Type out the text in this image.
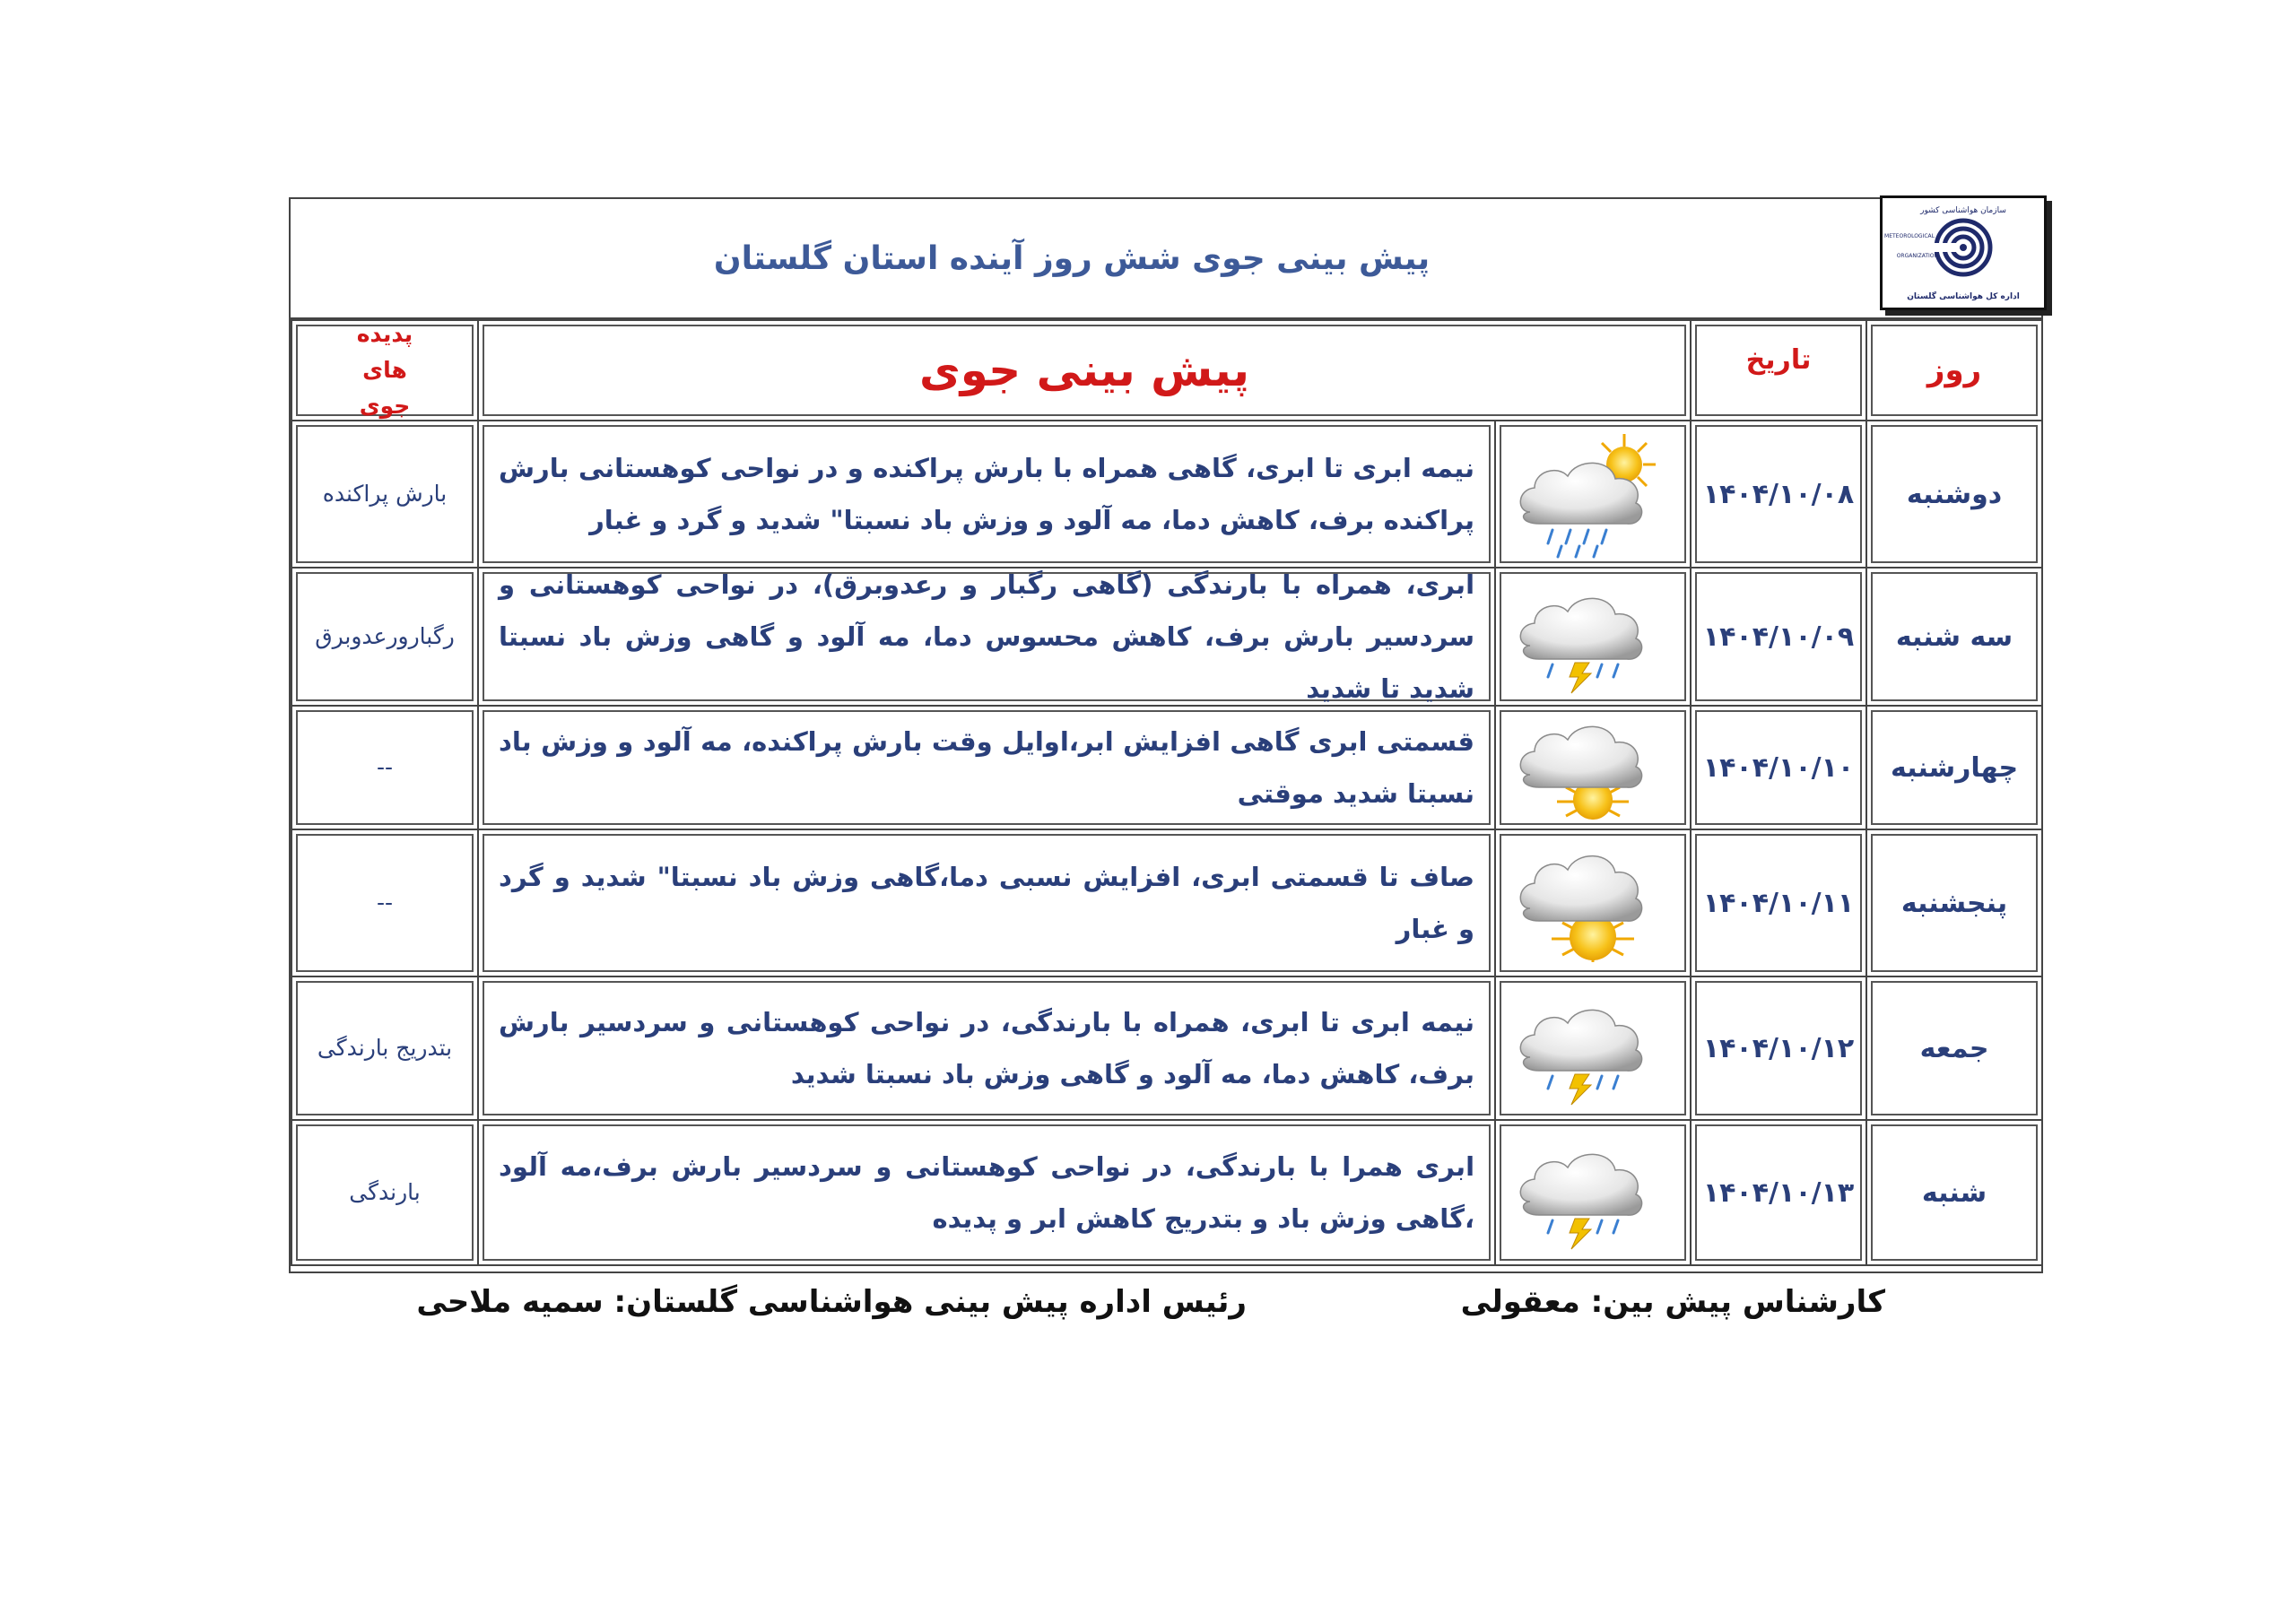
پیش بینی جوی شش روز آینده استان گلستان
سازمان هواشناسی کشور
METEOROLOGICAL
ORGANIZATION
اداره کل هواشناسی گلستان
روز	تاریخ	پیش بینی جوی		پدیده های جوی

دوشنبه	۱۴۰۴/۱۰/۰۸		نیمه ابری تا ابری، گاهی همراه با بارش پراکنده و در نواحی کوهستانی بارش پراکنده برف، کاهش دما، مه آلود و وزش باد نسبتا" شدید و گرد و غبار	بارش پراکنده

سه شنبه	۱۴۰۴/۱۰/۰۹		ابری، همراه با بارندگی (گاهی رگبار و رعدوبرق)، در نواحی کوهستانی و سردسیر بارش برف، کاهش محسوس دما، مه آلود و گاهی وزش باد نسبتا شدید تا شدید	رگبارورعدوبرق

چهارشنبه	۱۴۰۴/۱۰/۱۰		قسمتی ابری گاهی افزایش ابر،اوایل وقت بارش پراکنده، مه آلود و وزش باد نسبتا شدید موقتی	--

پنجشنبه	۱۴۰۴/۱۰/۱۱		صاف تا قسمتی ابری، افزایش نسبی دما،گاهی وزش باد نسبتا" شدید و گرد و غبار	--

جمعه	۱۴۰۴/۱۰/۱۲		نیمه ابری تا ابری، همراه با بارندگی، در نواحی کوهستانی و سردسیر بارش برف، کاهش دما، مه آلود و گاهی وزش باد نسبتا شدید	بتدریج بارندگی

شنبه	۱۴۰۴/۱۰/۱۳		ابری همرا با بارندگی، در نواحی کوهستانی و سردسیر بارش برف،مه آلود ،گاهی وزش باد و بتدریج کاهش ابر و پدیده	بارندگی
کارشناس پیش بین: معقولی
رئیس اداره پیش بینی هواشناسی گلستان: سمیه ملاحی
